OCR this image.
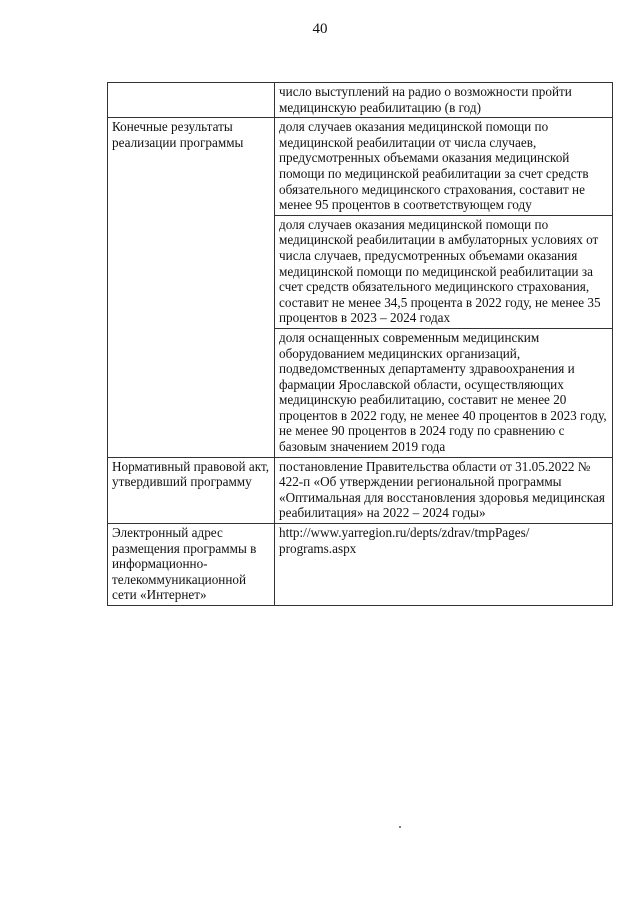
40
	число выступлений на радио о возможности пройти медицинскую реабилитацию (в год)
Конечные результаты реализации программы	доля случаев оказания медицинской помощи по медицинской реабилитации от числа случаев, предусмотренных объемами оказания медицинской помощи по медицинской реабилитации за счет средств обязательного медицинского страхования, составит не менее 95 процентов в соответствующем году
	доля случаев оказания медицинской помощи по медицинской реабилитации в амбулаторных условиях от числа случаев, предусмотренных объемами оказания медицинской помощи по медицинской реабилитации за счет средств обязательного медицинского страхования, составит не менее 34,5 процента в 2022 году, не менее 35 процентов в 2023 – 2024 годах
	доля оснащенных современным медицинским оборудованием медицинских организаций, подведомственных департаменту здравоохранения и фармации Ярославской области, осуществляющих медицинскую реабилитацию, составит не менее 20 процентов в 2022 году, не менее 40 процентов в 2023 году, не менее 90 процентов в 2024 году по сравнению с базовым значением 2019 года
Нормативный правовой акт, утвердивший программу	постановление Правительства области от 31.05.2022 № 422-п «Об утверждении региональной программы «Оптимальная для восстановления здоровья медицинская реабилитация» на 2022 – 2024 годы»
Электронный адрес размещения программы в информационно-телекоммуникационной сети «Интернет»	http://www.yarregion.ru/depts/zdrav/tmpPages/ programs.aspx
